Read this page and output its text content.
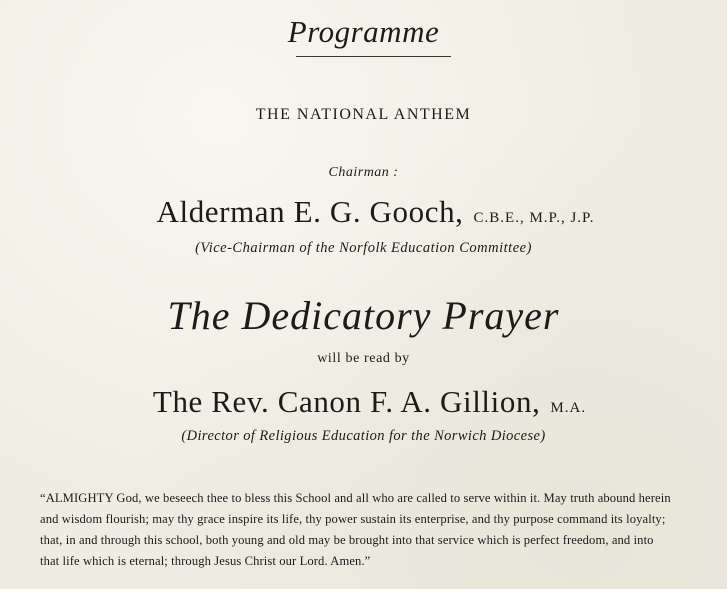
Programme
THE NATIONAL ANTHEM
Chairman :
Alderman E. G. Gooch, C.B.E., M.P., J.P.
(Vice-Chairman of the Norfolk Education Committee)
The Dedicatory Prayer
will be read by
The Rev. Canon F. A. Gillion, M.A.
(Director of Religious Education for the Norwich Diocese)
“ALMIGHTY God, we beseech thee to bless this School and all who are called to serve within it. May truth abound herein
and wisdom flourish; may thy grace inspire its life, thy power sustain its enterprise, and thy purpose command its loyalty;
that, in and through this school, both young and old may be brought into that service which is perfect freedom, and into
that life which is eternal; through Jesus Christ our Lord. Amen.”
